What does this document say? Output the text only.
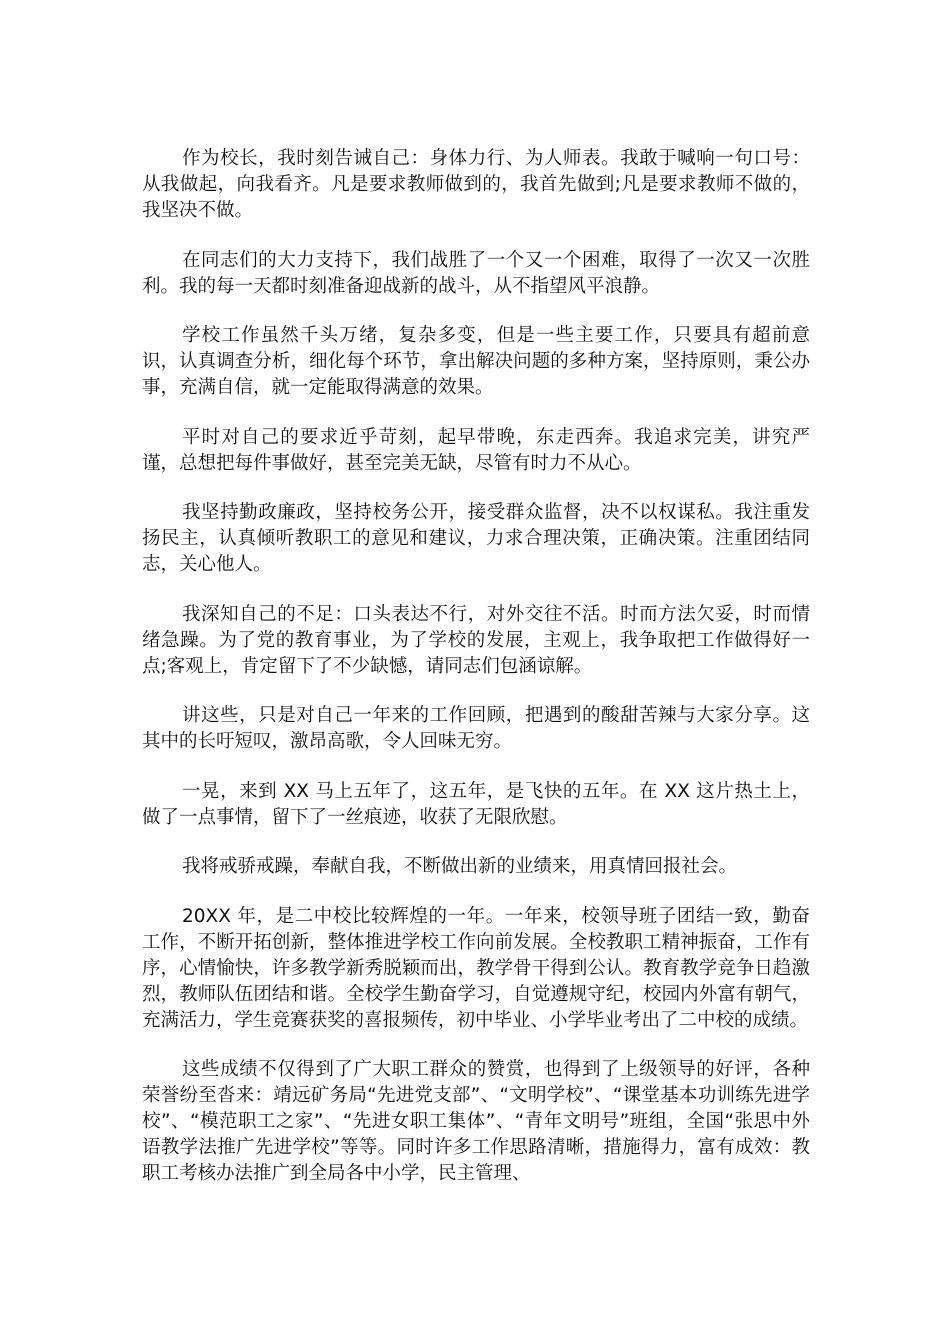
作为校长，我时刻告诫自己：身体力行、为人师表。我敢于喊响一句口号：从我做起，向我看齐。凡是要求教师做到的，我首先做到;凡是要求教师不做的，我坚决不做。

在同志们的大力支持下，我们战胜了一个又一个困难，取得了一次又一次胜利。我的每一天都时刻准备迎战新的战斗，从不指望风平浪静。

学校工作虽然千头万绪，复杂多变，但是一些主要工作，只要具有超前意识，认真调查分析，细化每个环节，拿出解决问题的多种方案，坚持原则，秉公办事，充满自信，就一定能取得满意的效果。

平时对自己的要求近乎苛刻，起早带晚，东走西奔。我追求完美，讲究严谨，总想把每件事做好，甚至完美无缺，尽管有时力不从心。

我坚持勤政廉政，坚持校务公开，接受群众监督，决不以权谋私。我注重发扬民主，认真倾听教职工的意见和建议，力求合理决策，正确决策。注重团结同志，关心他人。

我深知自己的不足：口头表达不行，对外交往不活。时而方法欠妥，时而情绪急躁。为了党的教育事业，为了学校的发展，主观上，我争取把工作做得好一点;客观上，肯定留下了不少缺憾，请同志们包涵谅解。

讲这些，只是对自己一年来的工作回顾，把遇到的酸甜苦辣与大家分享。这其中的长吁短叹，激昂高歌，令人回味无穷。

一晃，来到 XX 马上五年了，这五年，是飞快的五年。在 XX 这片热土上，做了一点事情，留下了一丝痕迹，收获了无限欣慰。

我将戒骄戒躁，奉献自我，不断做出新的业绩来，用真情回报社会。

20XX 年，是二中校比较辉煌的一年。一年来，校领导班子团结一致，勤奋工作，不断开拓创新，整体推进学校工作向前发展。全校教职工精神振奋，工作有序，心情愉快，许多教学新秀脱颖而出，教学骨干得到公认。教育教学竞争日趋激烈，教师队伍团结和谐。全校学生勤奋学习，自觉遵规守纪，校园内外富有朝气，充满活力，学生竞赛获奖的喜报频传，初中毕业、小学毕业考出了二中校的成绩。

这些成绩不仅得到了广大职工群众的赞赏，也得到了上级领导的好评，各种荣誉纷至沓来：靖远矿务局“先进党支部”、“文明学校”、“课堂基本功训练先进学校”、“模范职工之家”、“先进女职工集体”、“青年文明号”班组，全国“张思中外语教学法推广先进学校”等等。同时许多工作思路清晰，措施得力，富有成效：教职工考核办法推广到全局各中小学，民主管理、
